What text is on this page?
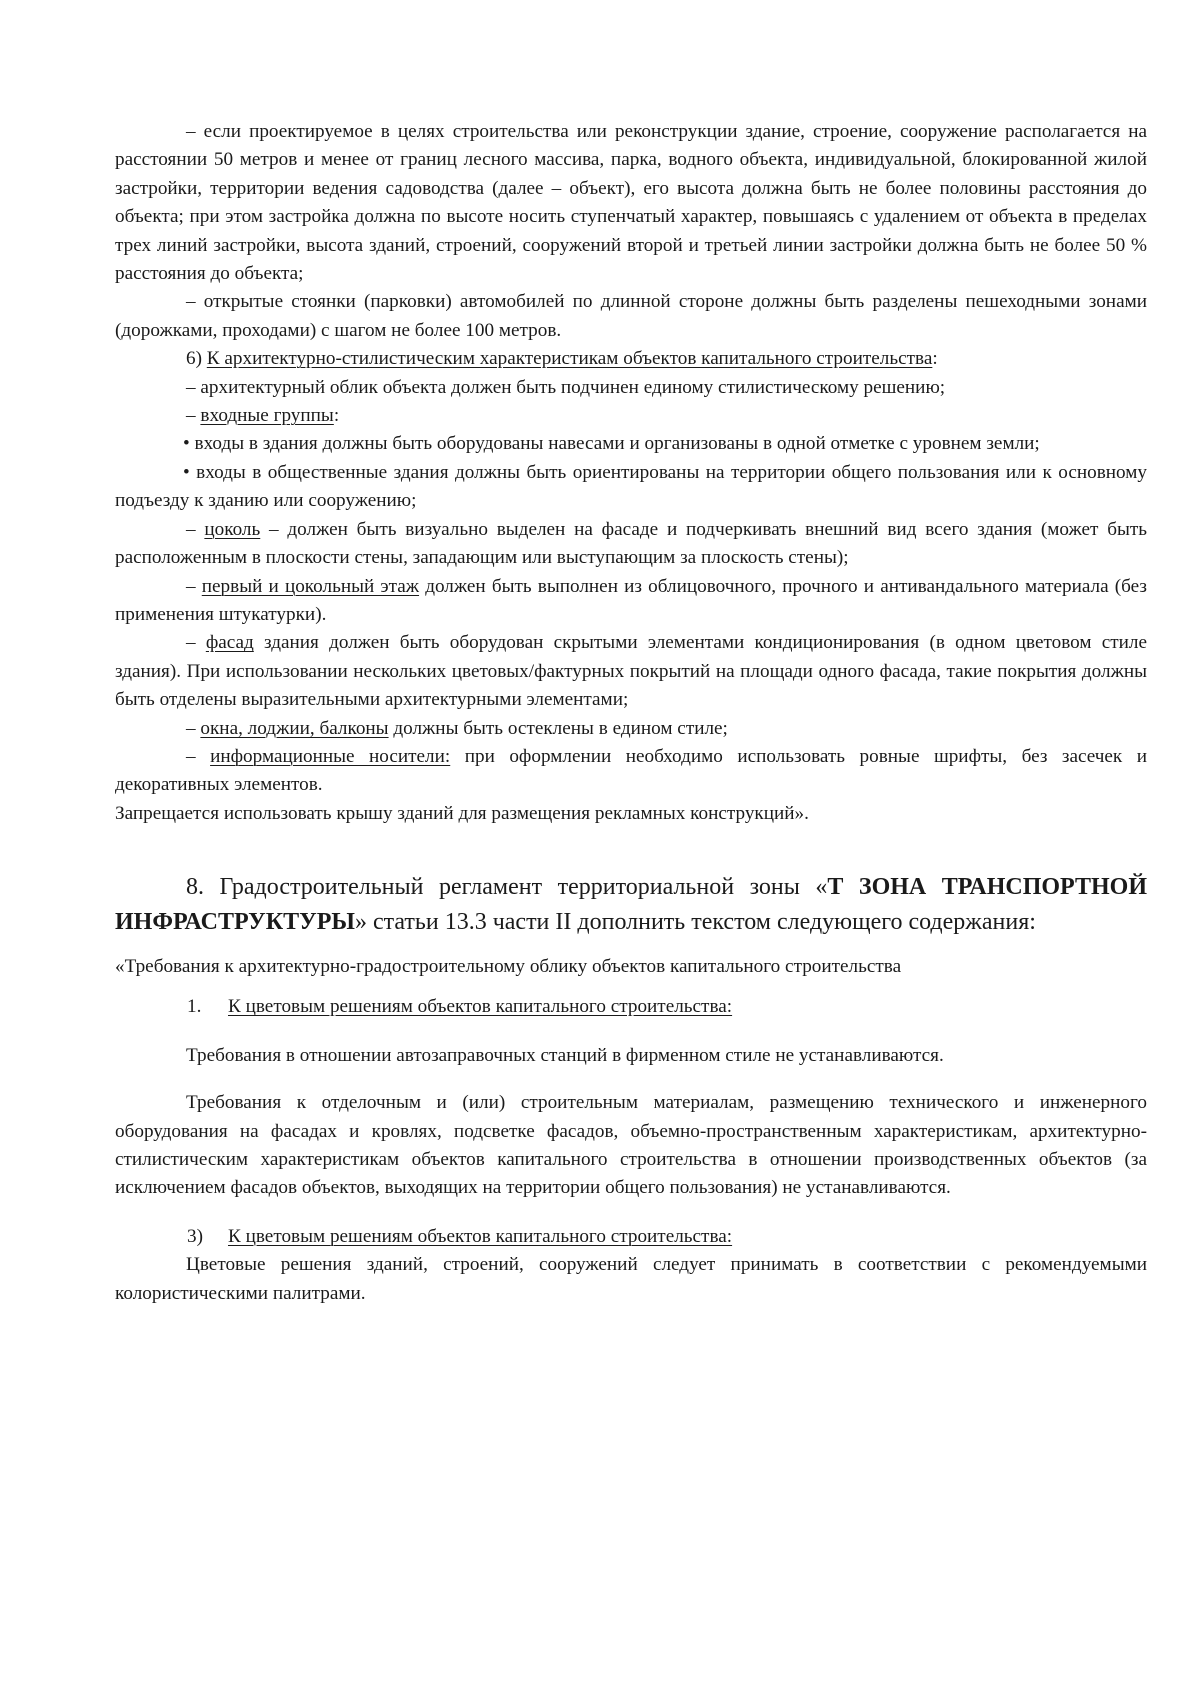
– если проектируемое в целях строительства или реконструкции здание, строение, сооружение располагается на расстоянии 50 метров и менее от границ лесного массива, парка, водного объекта, индивидуальной, блокированной жилой застройки, территории ведения садоводства (далее – объект), его высота должна быть не более половины расстояния до объекта; при этом застройка должна по высоте носить ступенчатый характер, повышаясь с удалением от объекта в пределах трех линий застройки, высота зданий, строений, сооружений второй и третьей линии застройки должна быть не более 50 % расстояния до объекта;

– открытые стоянки (парковки) автомобилей по длинной стороне должны быть разделены пешеходными зонами (дорожками, проходами) с шагом не более 100 метров.

6) К архитектурно-стилистическим характеристикам объектов капитального строительства:

– архитектурный облик объекта должен быть подчинен единому стилистическому решению;

– входные группы:

• входы в здания должны быть оборудованы навесами и организованы в одной отметке с уровнем земли;

• входы в общественные здания должны быть ориентированы на территории общего пользования или к основному подъезду к зданию или сооружению;

– цоколь – должен быть визуально выделен на фасаде и подчеркивать внешний вид всего здания (может быть расположенным в плоскости стены, западающим или выступающим за плоскость стены);

– первый и цокольный этаж должен быть выполнен из облицовочного, прочного и антивандального материала (без применения штукатурки).

– фасад здания должен быть оборудован скрытыми элементами кондиционирования (в одном цветовом стиле здания). При использовании нескольких цветовых/фактурных покрытий на площади одного фасада, такие покрытия должны быть отделены выразительными архитектурными элементами;

– окна, лоджии, балконы должны быть остеклены в едином стиле;

– информационные носители: при оформлении необходимо использовать ровные шрифты, без засечек и декоративных элементов.

Запрещается использовать крышу зданий для размещения рекламных конструкций».

8. Градостроительный регламент территориальной зоны «Т ЗОНА ТРАНСПОРТНОЙ ИНФРАСТРУКТУРЫ» статьи 13.3 части II дополнить текстом следующего содержания:

«Требования к архитектурно-градостроительному облику объектов капитального строительства

1. К цветовым решениям объектов капитального строительства:

Требования в отношении автозаправочных станций в фирменном стиле не устанавливаются.

Требования к отделочным и (или) строительным материалам, размещению технического и инженерного оборудования на фасадах и кровлях, подсветке фасадов, объемно-пространственным характеристикам, архитектурно-стилистическим характеристикам объектов капитального строительства в отношении производственных объектов (за исключением фасадов объектов, выходящих на территории общего пользования) не устанавливаются.

3) К цветовым решениям объектов капитального строительства:

Цветовые решения зданий, строений, сооружений следует принимать в соответствии с рекомендуемыми колористическими палитрами.
